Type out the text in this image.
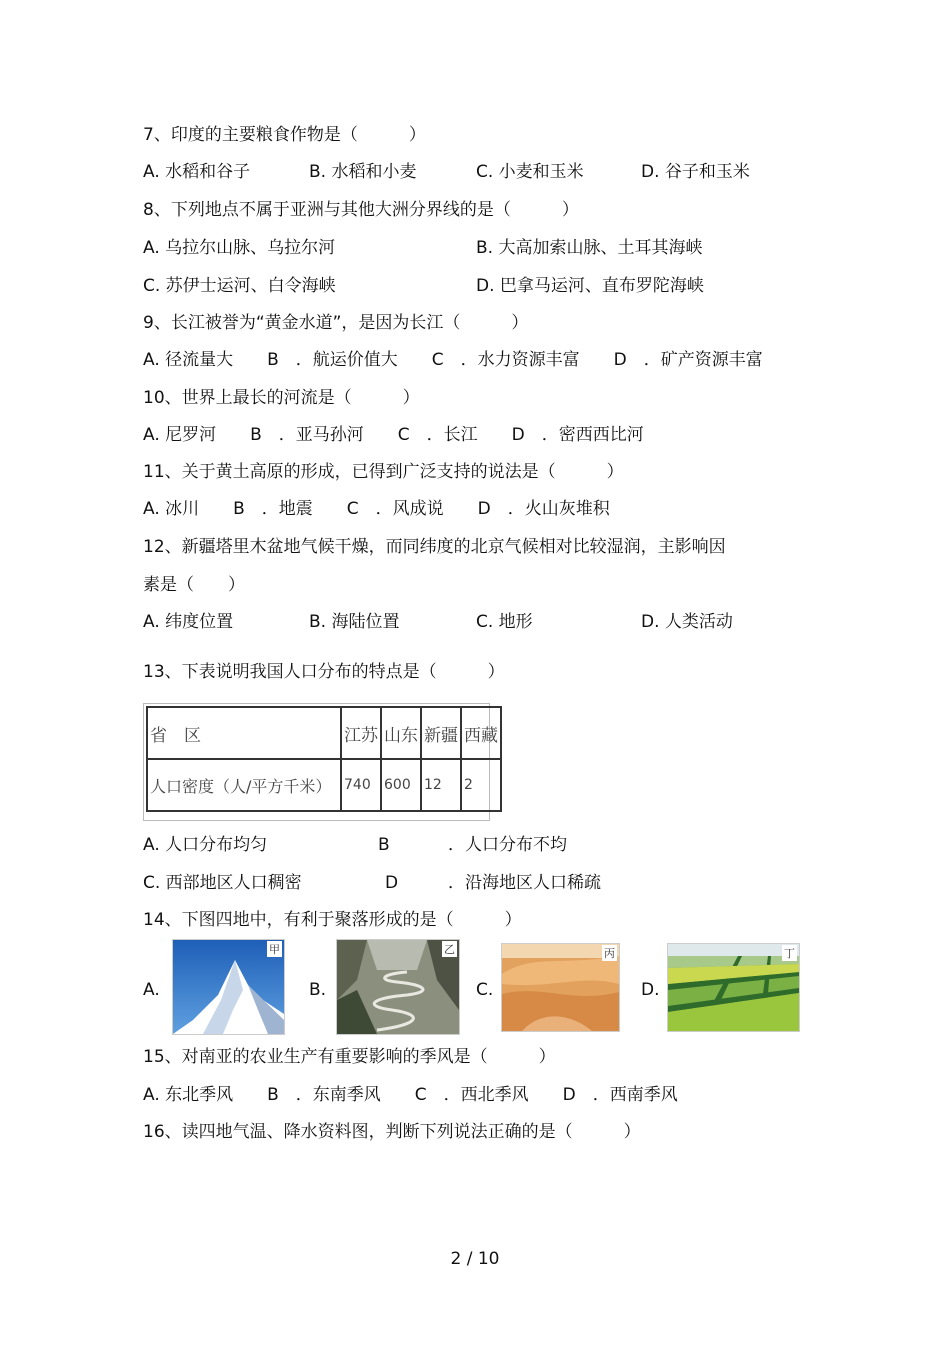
7、印度的主要粮食作物是（　　　）
A. 水稻和谷子	B. 水稻和小麦	C. 小麦和玉米	D. 谷子和玉米
8、下列地点不属于亚洲与其他大洲分界线的是（　　　）
A. 乌拉尔山脉、乌拉尔河	B. 大高加索山脉、土耳其海峡
C. 苏伊士运河、白令海峡	D. 巴拿马运河、直布罗陀海峡
9、长江被誉为“黄金水道”，是因为长江（　　　）
A. 径流量大　　B　．航运价值大　　C　．水力资源丰富　　D　．矿产资源丰富
10、世界上最长的河流是（　　　）
A. 尼罗河　　B　．亚马孙河　　C　．长江　　D　．密西西比河
11、关于黄土高原的形成，已得到广泛支持的说法是（　　　）
A. 冰川　　B　．地震　　C　．风成说　　D　．火山灰堆积
12、新疆塔里木盆地气候干燥，而同纬度的北京气候相对比较湿润，主影响因
素是（　　）
A. 纬度位置	B. 海陆位置	C. 地形	D. 人类活动
13、下表说明我国人口分布的特点是（　　　）
省　区	江苏	山东	新疆	西藏
人口密度（人/平方千米）	740	600	12	2
A. 人口分布均匀	B	．人口分布不均
C. 西部地区人口稠密	D	．沿海地区人口稀疏
14、下图四地中，有利于聚落形成的是（　　　）
A.
甲
B.
乙
C.
丙
D.
丁
15、对南亚的农业生产有重要影响的季风是（　　　）
A. 东北季风　　B　．东南季风　　C　．西北季风　　D　．西南季风
16、读四地气温、降水资料图，判断下列说法正确的是（　　　）
2 / 10
